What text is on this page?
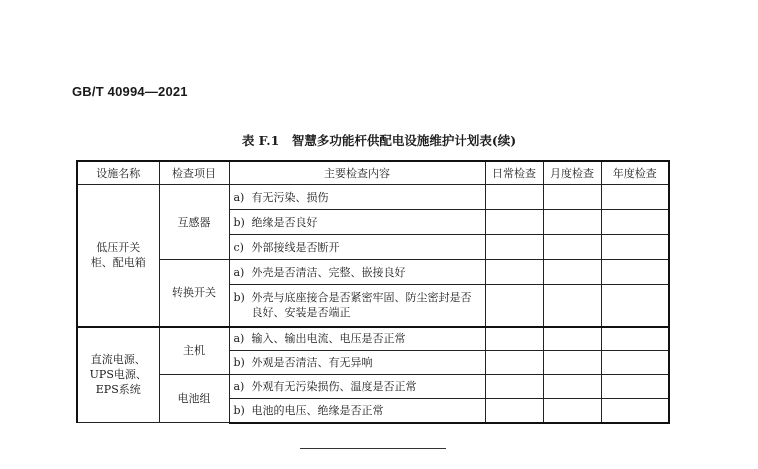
GB/T 40994—2021
表 F.1　智慧多功能杆供配电设施维护计划表(续)
设施名称	检查项目	主要检查内容	日常检查	月度检查	年度检查
低压开关柜、配电箱	互感器	a) 有无污染、损伤			
		b) 绝缘是否良好			
		c) 外部接线是否断开			
	转换开关	a) 外壳是否清洁、完整、嵌接良好			

		b) 外壳与底座接合是否紧密牢固、防尘密封是否良好、安装是否端正			

直流电源、UPS电源、EPS系统	主机	a) 输入、输出电流、电压是否正常			
		b) 外观是否清洁、有无异响			
	电池组	a) 外观有无污染损伤、温度是否正常			
		b) 电池的电压、绝缘是否正常			
